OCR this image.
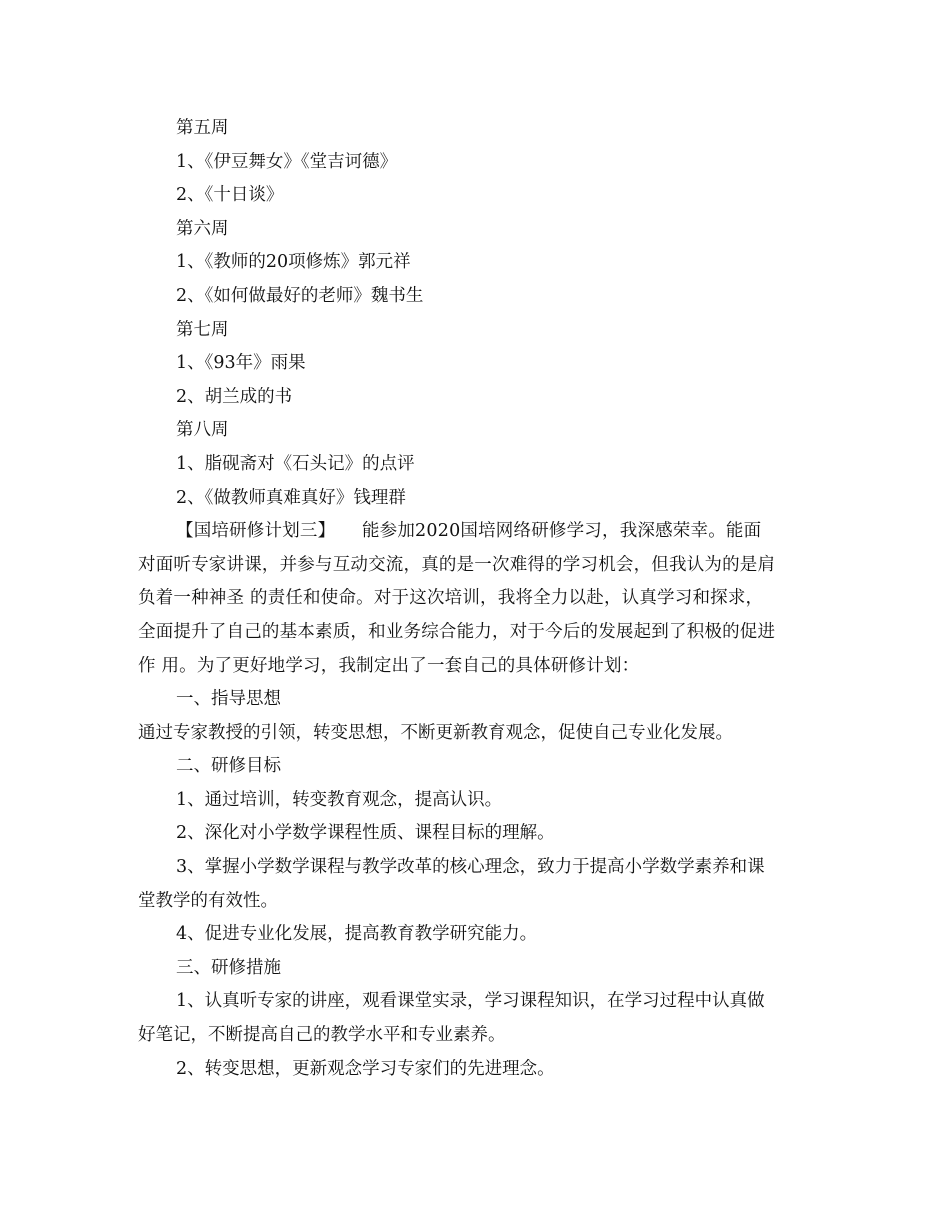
第五周
1、《伊豆舞女》《堂吉诃德》
2、《十日谈》
第六周
1、《教师的20项修炼》郭元祥
2、《如何做最好的老师》魏书生
第七周
1、《93年》雨果
2、胡兰成的书
第八周
1、脂砚斋对《石头记》的点评
2、《做教师真难真好》钱理群
【国培研修计划三】　　能参加2020国培网络研修学习，我深感荣幸。能面
对面听专家讲课，并参与互动交流，真的是一次难得的学习机会，但我认为的是肩
负着一种神圣 的责任和使命。对于这次培训，我将全力以赴，认真学习和探求，
全面提升了自己的基本素质，和业务综合能力，对于今后的发展起到了积极的促进
作 用。为了更好地学习，我制定出了一套自己的具体研修计划：
一、指导思想
通过专家教授的引领，转变思想，不断更新教育观念，促使自己专业化发展。
二、研修目标
1、通过培训，转变教育观念，提高认识。
2、深化对小学数学课程性质、课程目标的理解。
3、掌握小学数学课程与教学改革的核心理念，致力于提高小学数学素养和课
堂教学的有效性。
4、促进专业化发展，提高教育教学研究能力。
三、研修措施
1、认真听专家的讲座，观看课堂实录，学习课程知识，在学习过程中认真做
好笔记，不断提高自己的教学水平和专业素养。
2、转变思想，更新观念学习专家们的先进理念。
